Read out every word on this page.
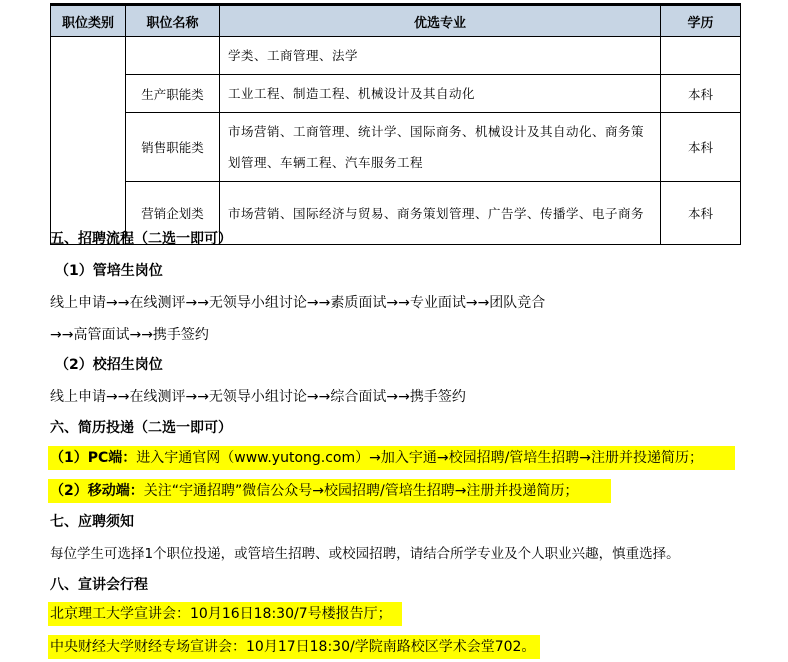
职位类别	职位名称	优选专业	学历
		学类、工商管理、法学	
	生产职能类	工业工程、制造工程、机械设计及其自动化	本科
	销售职能类	市场营销、工商管理、统计学、国际商务、机械设计及其自动化、商务策划管理、车辆工程、汽车服务工程	本科
	营销企划类	市场营销、国际经济与贸易、商务策划管理、广告学、传播学、电子商务	本科

五、招聘流程（二选一即可）

（1）管培生岗位

线上申请→→在线测评→→无领导小组讨论→→素质面试→→专业面试→→团队竞合

→→高管面试→→携手签约

（2）校招生岗位

线上申请→→在线测评→→无领导小组讨论→→综合面试→→携手签约

六、简历投递（二选一即可）

（1）PC端：进入宇通官网（www.yutong.com）→加入宇通→校园招聘/管培生招聘→注册并投递简历；

（2）移动端：关注“宇通招聘”微信公众号→校园招聘/管培生招聘→注册并投递简历；

七、应聘须知

每位学生可选择1个职位投递，或管培生招聘、或校园招聘，请结合所学专业及个人职业兴趣，慎重选择。

八、宣讲会行程

北京理工大学宣讲会：10月16日18:30/7号楼报告厅；

中央财经大学财经专场宣讲会：10月17日18:30/学院南路校区学术会堂702。
